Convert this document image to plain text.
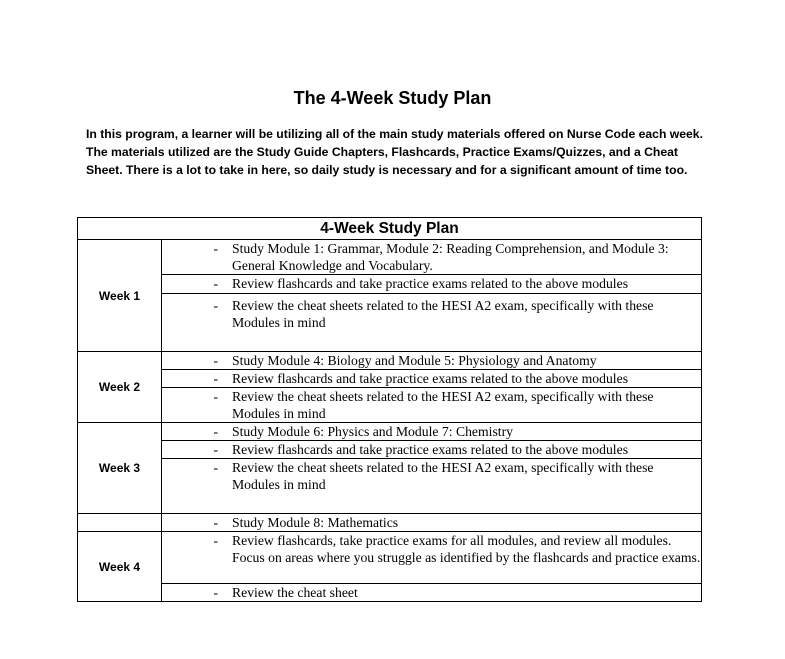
The 4-Week Study Plan
In this program, a learner will be utilizing all of the main study materials offered on Nurse Code each week. The materials utilized are the Study Guide Chapters, Flashcards, Practice Exams/Quizzes, and a Cheat Sheet. There is a lot to take in here, so daily study is necessary and for a significant amount of time too.
4-Week Study Plan	
Week 1	- Study Module 1: Grammar, Module 2: Reading Comprehension, and Module 3: General Knowledge and Vocabulary.

	- Review flashcards and take practice exams related to the above modules

	- Review the cheat sheets related to the HESI A2 exam, specifically with these Modules in mind

Week 2	- Study Module 4: Biology and Module 5: Physiology and Anatomy

	- Review flashcards and take practice exams related to the above modules

	- Review the cheat sheets related to the HESI A2 exam, specifically with these Modules in mind

Week 3	- Study Module 6: Physics and Module 7: Chemistry

	- Review flashcards and take practice exams related to the above modules

	- Review the cheat sheets related to the HESI A2 exam, specifically with these Modules in mind

	- Study Module 8: Mathematics

Week 4	- Review flashcards, take practice exams for all modules, and review all modules. Focus on areas where you struggle as identified by the flashcards and practice exams.

	- Review the cheat sheet
